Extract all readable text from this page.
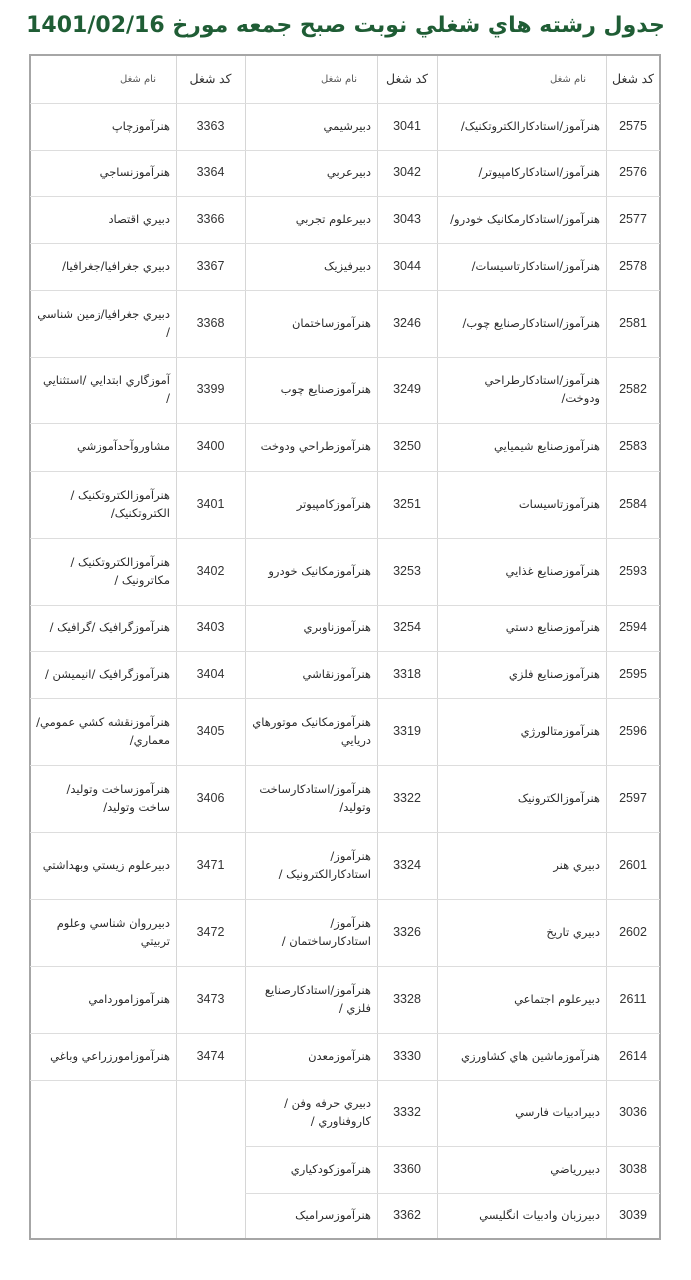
جدول رشته هاي شغلي نوبت صبح جمعه مورخ 1401/02/16
کد شغل
نام شغل
2575
هنرآموز/استادکارالکتروتکنیک/
2576
هنرآموز/استادکارکامپیوتر/
2577
هنرآموز/استادکارمکانیک خودرو/
2578
هنرآموز/استادکارتاسیسات/
2581
هنرآموز/استادکارصنایع چوب/
2582
هنرآموز/استادکارطراحي ودوخت/
2583
هنرآموزصنایع شیمیایي
2584
هنرآموزتاسیسات
2593
هنرآموزصنایع غذایي
2594
هنرآموزصنایع دستي
2595
هنرآموزصنایع فلزي
2596
هنرآموزمتالورژي
2597
هنرآموزالکترونیک
2601
دبیري هنر
2602
دبیري تاریخ
2611
دبیرعلوم اجتماعي
2614
هنرآموزماشین هاي کشاورزي
3036
دبیرادبیات فارسي
3038
دبیرریاضي
3039
دبیرزبان وادبیات انگلیسي
کد شغل
نام شغل
3041
دبیرشیمي
3042
دبیرعربي
3043
دبیرعلوم تجربي
3044
دبیرفیزیک
3246
هنرآموزساختمان
3249
هنرآموزصنایع چوب
3250
هنرآموزطراحي ودوخت
3251
هنرآموزکامپیوتر
3253
هنرآموزمکانیک خودرو
3254
هنرآموزناوبري
3318
هنرآموزنقاشي
3319
هنرآموزمکانیک موتورهاي دریایي
3322
هنرآموز/استادکارساخت وتولید/
3324
هنرآموز/ استادکارالکترونیک /
3326
هنرآموز/ استادکارساختمان /
3328
هنرآموز/استادکارصنایع فلزي /
3330
هنرآموزمعدن
3332
دبیري حرفه وفن / کاروفناوري /
3360
هنرآموزکودکیاري
3362
هنرآموزسرامیک
کد شغل
نام شغل
3363
هنرآموزچاپ
3364
هنرآموزنساجي
3366
دبیري اقتصاد
3367
دبیري جغرافیا/جغرافیا/
3368
دبیري جغرافیا/زمین شناسي /
3399
آموزگاري ابتدایي /استثنایي /
3400
مشاوروآحدآموزشي
3401
هنرآموزالکتروتکنیک / الکتروتکنیک/
3402
هنرآموزالکتروتکنیک / مکاترونیک /
3403
هنرآموزگرافیک /گرافیک /
3404
هنرآموزگرافیک /انیمیشن /
3405
هنرآموزنقشه کشي عمومي/ معماري/
3406
هنرآموزساخت وتولید/ساخت وتولید/
3471
دبیرعلوم زیستي وبهداشتي
3472
دبیرروان شناسي وعلوم تربیتي
3473
هنرآموزامورد‌امي
3474
هنرآموزامورزراعي وباغي
